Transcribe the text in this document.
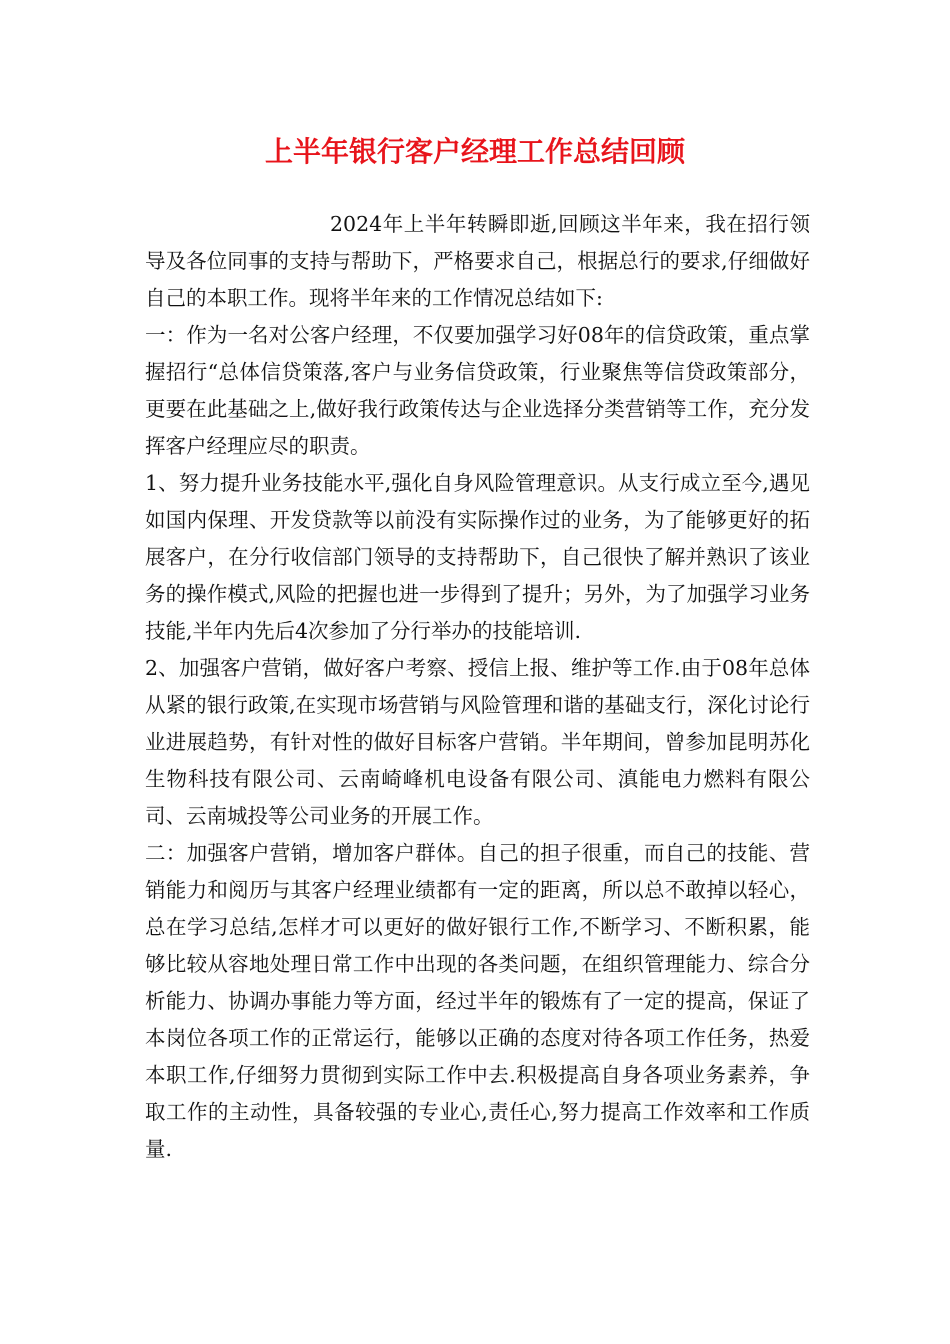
上半年银行客户经理工作总结回顾

2024年上半年转瞬即逝,回顾这半年来，我在招行领导及各位同事的支持与帮助下，严格要求自己，根据总行的要求,仔细做好自己的本职工作。现将半年来的工作情况总结如下:

一：作为一名对公客户经理，不仅要加强学习好08年的信贷政策，重点掌握招行“总体信贷策落,客户与业务信贷政策，行业聚焦等信贷政策部分，更要在此基础之上,做好我行政策传达与企业选择分类营销等工作，充分发挥客户经理应尽的职责。

1、努力提升业务技能水平,强化自身风险管理意识。从支行成立至今,遇见如国内保理、开发贷款等以前没有实际操作过的业务，为了能够更好的拓展客户，在分行收信部门领导的支持帮助下，自己很快了解并熟识了该业务的操作模式,风险的把握也进一步得到了提升；另外，为了加强学习业务技能,半年内先后4次参加了分行举办的技能培训.

2、加强客户营销，做好客户考察、授信上报、维护等工作.由于08年总体从紧的银行政策,在实现市场营销与风险管理和谐的基础支行，深化讨论行业进展趋势，有针对性的做好目标客户营销。半年期间，曾参加昆明苏化生物科技有限公司、云南崎峰机电设备有限公司、滇能电力燃料有限公司、云南城投等公司业务的开展工作。

二：加强客户营销，增加客户群体。自己的担子很重，而自己的技能、营销能力和阅历与其客户经理业绩都有一定的距离，所以总不敢掉以轻心，总在学习总结,怎样才可以更好的做好银行工作,不断学习、不断积累，能够比较从容地处理日常工作中出现的各类问题，在组织管理能力、综合分析能力、协调办事能力等方面，经过半年的锻炼有了一定的提高，保证了本岗位各项工作的正常运行，能够以正确的态度对待各项工作任务，热爱本职工作,仔细努力贯彻到实际工作中去.积极提高自身各项业务素养，争取工作的主动性，具备较强的专业心,责任心,努力提高工作效率和工作质量.
